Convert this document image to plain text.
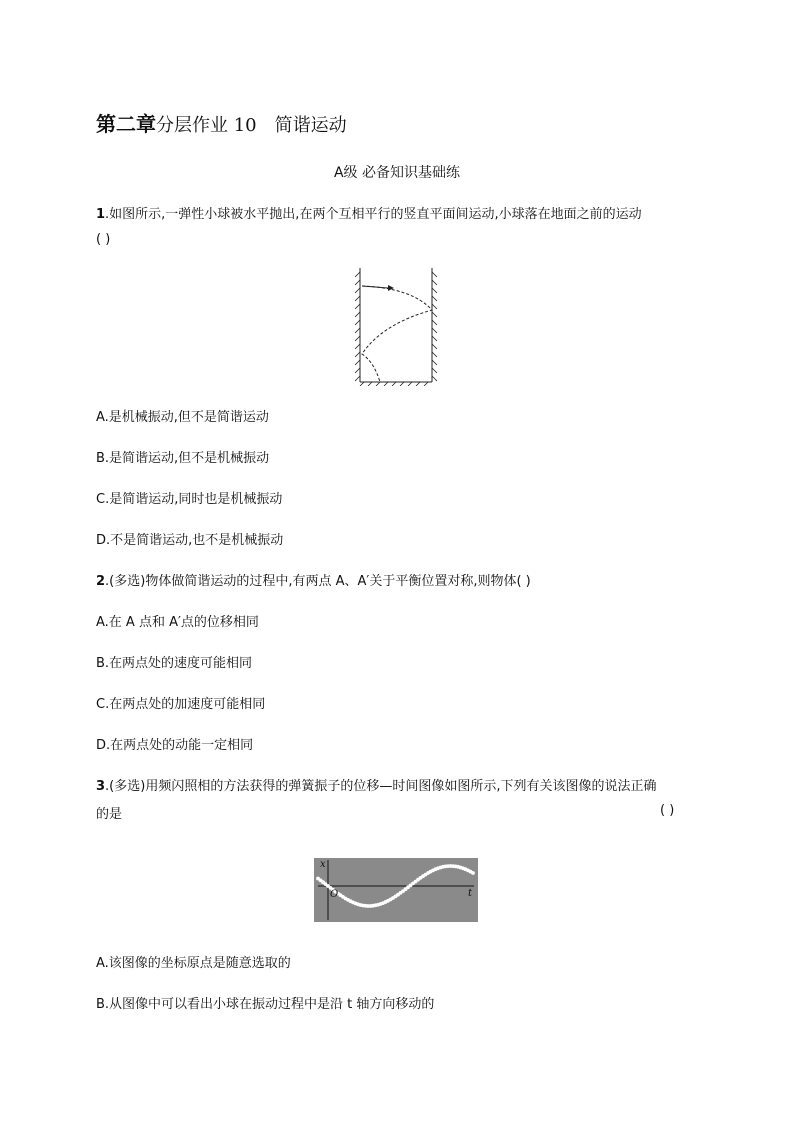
第二章分层作业 10 简谐运动
A级 必备知识基础练
1.如图所示,一弹性小球被水平抛出,在两个互相平行的竖直平面间运动,小球落在地面之前的运动
( )
A.是机械振动,但不是简谐运动
B.是简谐运动,但不是机械振动
C.是简谐运动,同时也是机械振动
D.不是简谐运动,也不是机械振动
2.(多选)物体做简谐运动的过程中,有两点 A、A′关于平衡位置对称,则物体( )
A.在 A 点和 A′点的位移相同
B.在两点处的速度可能相同
C.在两点处的加速度可能相同
D.在两点处的动能一定相同
3.(多选)用频闪照相的方法获得的弹簧振子的位移—时间图像如图所示,下列有关该图像的说法正确
的是	( )
x
O	t
A.该图像的坐标原点是随意选取的
B.从图像中可以看出小球在振动过程中是沿 t 轴方向移动的
